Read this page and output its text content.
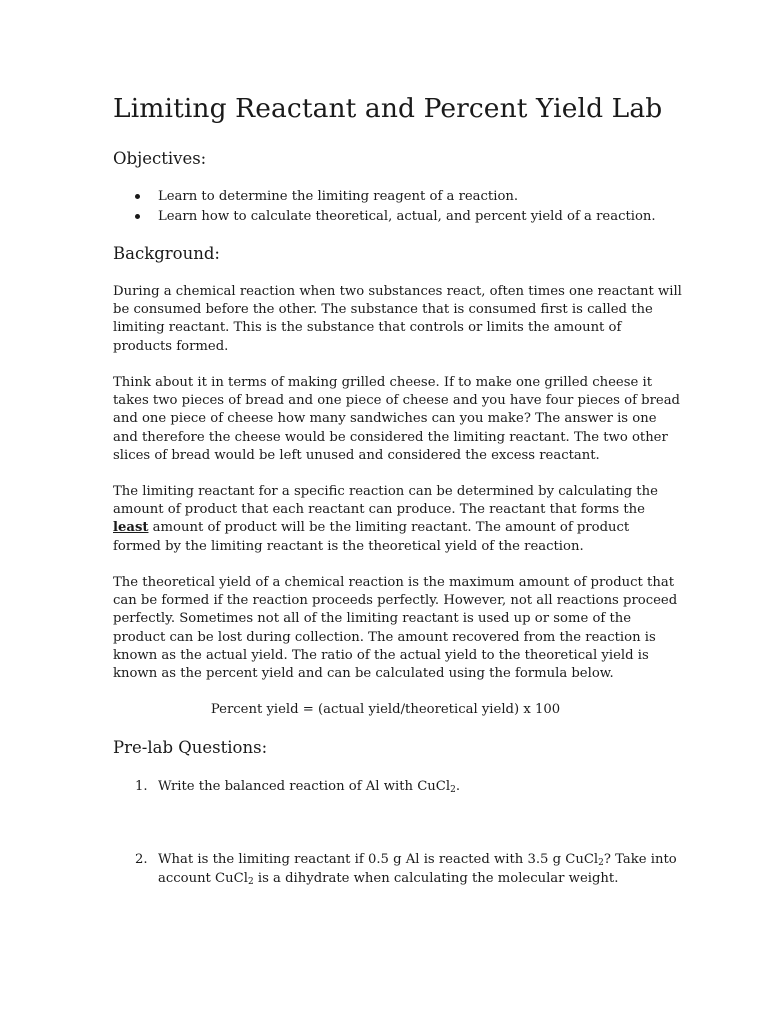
Limiting Reactant and Percent Yield Lab
Objectives:
Learn to determine the limiting reagent of a reaction.
Learn how to calculate theoretical, actual, and percent yield of a reaction.
Background:

During a chemical reaction when two substances react, often times one reactant will
be consumed before the other. The substance that is consumed first is called the
limiting reactant. This is the substance that controls or limits the amount of
products formed.

Think about it in terms of making grilled cheese. If to make one grilled cheese it
takes two pieces of bread and one piece of cheese and you have four pieces of bread
and one piece of cheese how many sandwiches can you make? The answer is one
and therefore the cheese would be considered the limiting reactant. The two other
slices of bread would be left unused and considered the excess reactant.

The limiting reactant for a specific reaction can be determined by calculating the
amount of product that each reactant can produce. The reactant that forms the
least amount of product will be the limiting reactant. The amount of product
formed by the limiting reactant is the theoretical yield of the reaction.

The theoretical yield of a chemical reaction is the maximum amount of product that
can be formed if the reaction proceeds perfectly. However, not all reactions proceed
perfectly. Sometimes not all of the limiting reactant is used up or some of the
product can be lost during collection. The amount recovered from the reaction is
known as the actual yield. The ratio of the actual yield to the theoretical yield is
known as the percent yield and can be calculated using the formula below.

Percent yield = (actual yield/theoretical yield) x 100

Pre-lab Questions:
1. Write the balanced reaction of Al with CuCl$_2$.
2. What is the limiting reactant if 0.5 g Al is reacted with 3.5 g CuCl$_2$? Take into
account CuCl$_2$ is a dihydrate when calculating the molecular weight.
